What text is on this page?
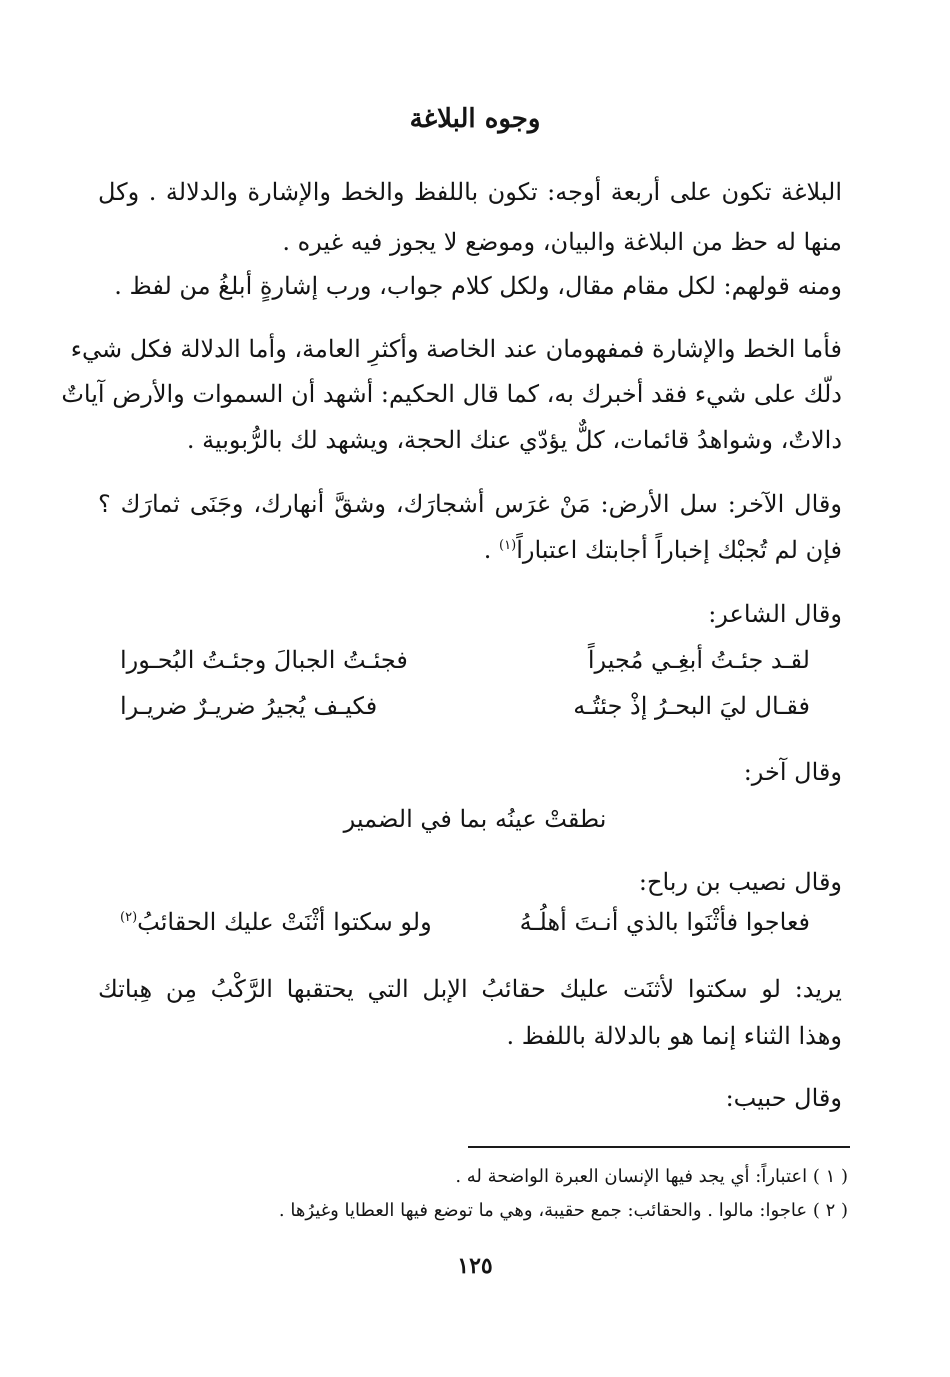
وجوه البلاغة
البلاغة تكون على أربعة أوجه: تكون باللفظ والخط والإشارة والدلالة . وكل
منها له حظ من البلاغة والبيان، وموضع لا يجوز فيه غيره .
ومنه قولهم: لكل مقام مقال، ولكل كلام جواب، ورب إشارةٍ أبلغُ من لفظ .
فأما الخط والإشارة فمفهومان عند الخاصة وأكثرِ العامة، وأما الدلالة فكل شيء
دلّك على شيء فقد أخبرك به، كما قال الحكيم: أشهد أن السموات والأرض آياتٌ
دالاتٌ، وشواهدُ قائمات، كلٌّ يؤدّي عنك الحجة، ويشهد لك بالرُّبوبية .
وقال الآخر: سل الأرض: مَنْ غرَس أشجارَك، وشقَّ أنهارك، وجَنَى ثمارَك ؟
فإن لم تُجبْك إخباراً أجابتك اعتباراً$^{(١)}$ .
وقال الشاعر:
لقـد جئـتُ أبغِـي مُجيراً
فجئـتُ الجبالَ وجئـتُ البُحـورا
فقـال ليَ البحـرُ إذْ جئتُـه
فكيـف يُجيرُ ضريـرٌ ضريـرا
وقال آخر:
نطقتْ عينُه بما في الضمير
وقال نصيب بن رباح:
فعاجوا فأثْنَوا بالذي أنـتَ أهلُـهُ
ولو سكتوا أثْنَتْ عليك الحقائبُ$^{(٢)}$
يريد: لو سكتوا لأثنَت عليك حقائبُ الإبل التي يحتقبها الرَّكْبُ مِن هِباتك
وهذا الثناء إنما هو بالدلالة باللفظ .
وقال حبيب:
( ١ ) اعتباراً: أي يجد فيها الإنسان العبرة الواضحة له .
( ٢ ) عاجوا: مالوا . والحقائب: جمع حقيبة، وهي ما توضع فيها العطايا وغيرُها .
١٢٥
